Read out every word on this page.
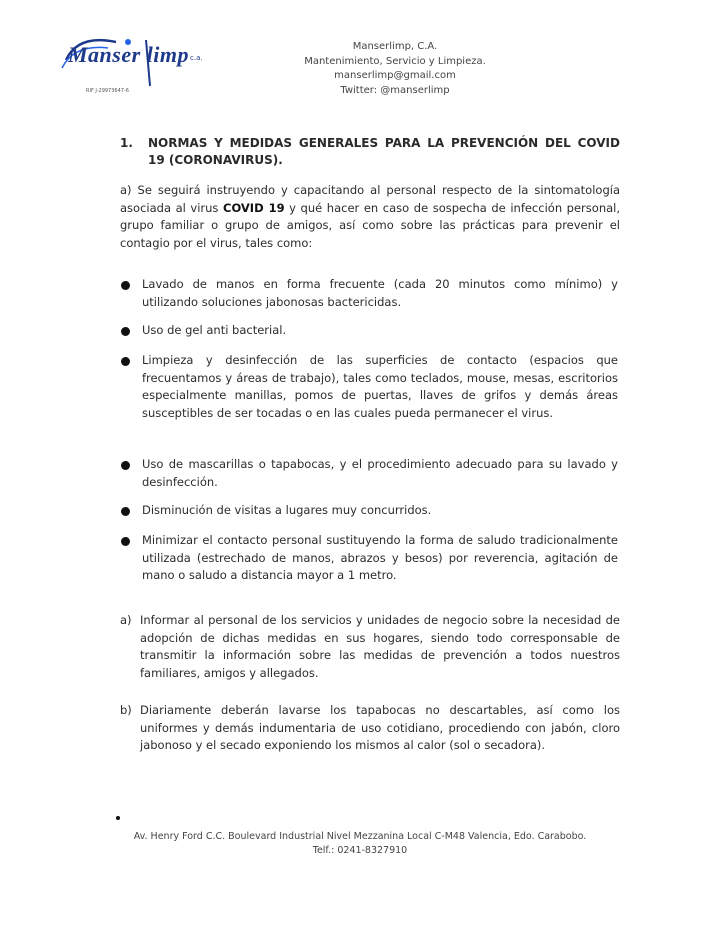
Manser limp c.a.
RIF J-29973647-6
Manserlimp, C.A.
Mantenimiento, Servicio y Limpieza.
manserlimp@gmail.com
Twitter: @manserlimp
1. NORMAS Y MEDIDAS GENERALES PARA LA PREVENCIÓN DEL COVID 19 (CORONAVIRUS).
a) Se seguirá instruyendo y capacitando al personal respecto de la sintomatología asociada al virus COVID 19 y qué hacer en caso de sospecha de infección personal, grupo familiar o grupo de amigos, así como sobre las prácticas para prevenir el contagio por el virus, tales como:
Lavado de manos en forma frecuente (cada 20 minutos como mínimo) y utilizando soluciones jabonosas bactericidas.
Uso de gel anti bacterial.
Limpieza y desinfección de las superficies de contacto (espacios que frecuentamos y áreas de trabajo), tales como teclados, mouse, mesas, escritorios especialmente manillas, pomos de puertas, llaves de grifos y demás áreas susceptibles de ser tocadas o en las cuales pueda permanecer el virus.
Uso de mascarillas o tapabocas, y el procedimiento adecuado para su lavado y desinfección.
Disminución de visitas a lugares muy concurridos.
Minimizar el contacto personal sustituyendo la forma de saludo tradicionalmente utilizada (estrechado de manos, abrazos y besos) por reverencia, agitación de mano o saludo a distancia mayor a 1 metro.
a) Informar al personal de los servicios y unidades de negocio sobre la necesidad de adopción de dichas medidas en sus hogares, siendo todo corresponsable de transmitir la información sobre las medidas de prevención a todos nuestros familiares, amigos y allegados.
b) Diariamente deberán lavarse los tapabocas no descartables, así como los uniformes y demás indumentaria de uso cotidiano, procediendo con jabón, cloro jabonoso y el secado exponiendo los mismos al calor (sol o secadora).
Av. Henry Ford C.C. Boulevard Industrial Nivel Mezzanina Local C-M48 Valencia, Edo. Carabobo.
Telf.: 0241-8327910
